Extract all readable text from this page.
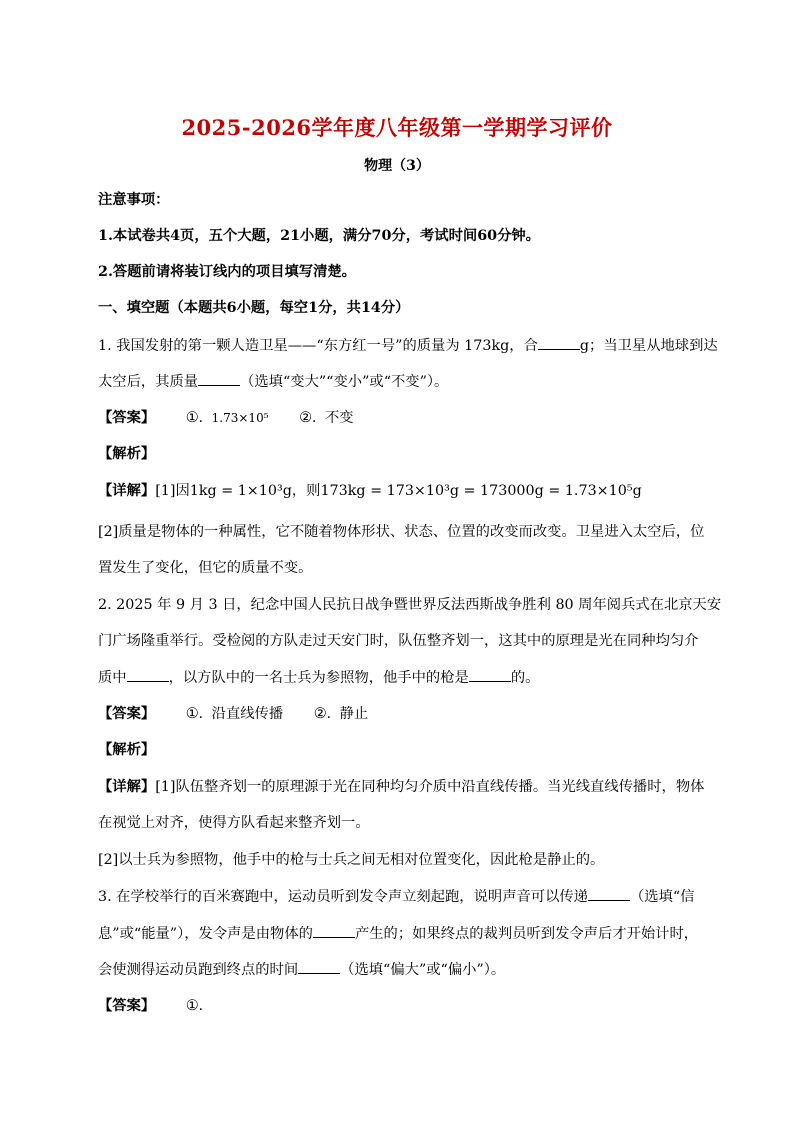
2025-2026学年度八年级第一学期学习评价
物理（3）
注意事项：
1.本试卷共4页，五个大题，21小题，满分70分，考试时间60分钟。
2.答题前请将装订线内的项目填写清楚。
一、填空题（本题共6小题，每空1分，共14分）
1. 我国发射的第一颗人造卫星——“东方红一号”的质量为 173kg，合	g；当卫星从地球到达
太空后，其质量	（选填“变大”“变小”或“不变”）。
【答案】 ①. 1.73×10⁵ ②. 不变
【解析】
【详解】[1]因1kg = 1×10³g，则173kg = 173×10³g = 173000g = 1.73×10⁵g
[2]质量是物体的一种属性，它不随着物体形状、状态、位置的改变而改变。卫星进入太空后，位
置发生了变化，但它的质量不变。
2. 2025 年 9 月 3 日，纪念中国人民抗日战争暨世界反法西斯战争胜利 80 周年阅兵式在北京天安
门广场隆重举行。受检阅的方队走过天安门时，队伍整齐划一，这其中的原理是光在同种均匀介
质中	，以方队中的一名士兵为参照物，他手中的枪是	的。
【答案】 ①. 沿直线传播 ②. 静止
【解析】
【详解】[1]队伍整齐划一的原理源于光在同种均匀介质中沿直线传播。当光线直线传播时，物体
在视觉上对齐，使得方队看起来整齐划一。
[2]以士兵为参照物，他手中的枪与士兵之间无相对位置变化，因此枪是静止的。
3. 在学校举行的百米赛跑中，运动员听到发令声立刻起跑，说明声音可以传递	（选填“信
息”或“能量”），发令声是由物体的	产生的；如果终点的裁判员听到发令声后才开始计时，
会使测得运动员跑到终点的时间	（选填“偏大”或“偏小”）。
【答案】 ①.
